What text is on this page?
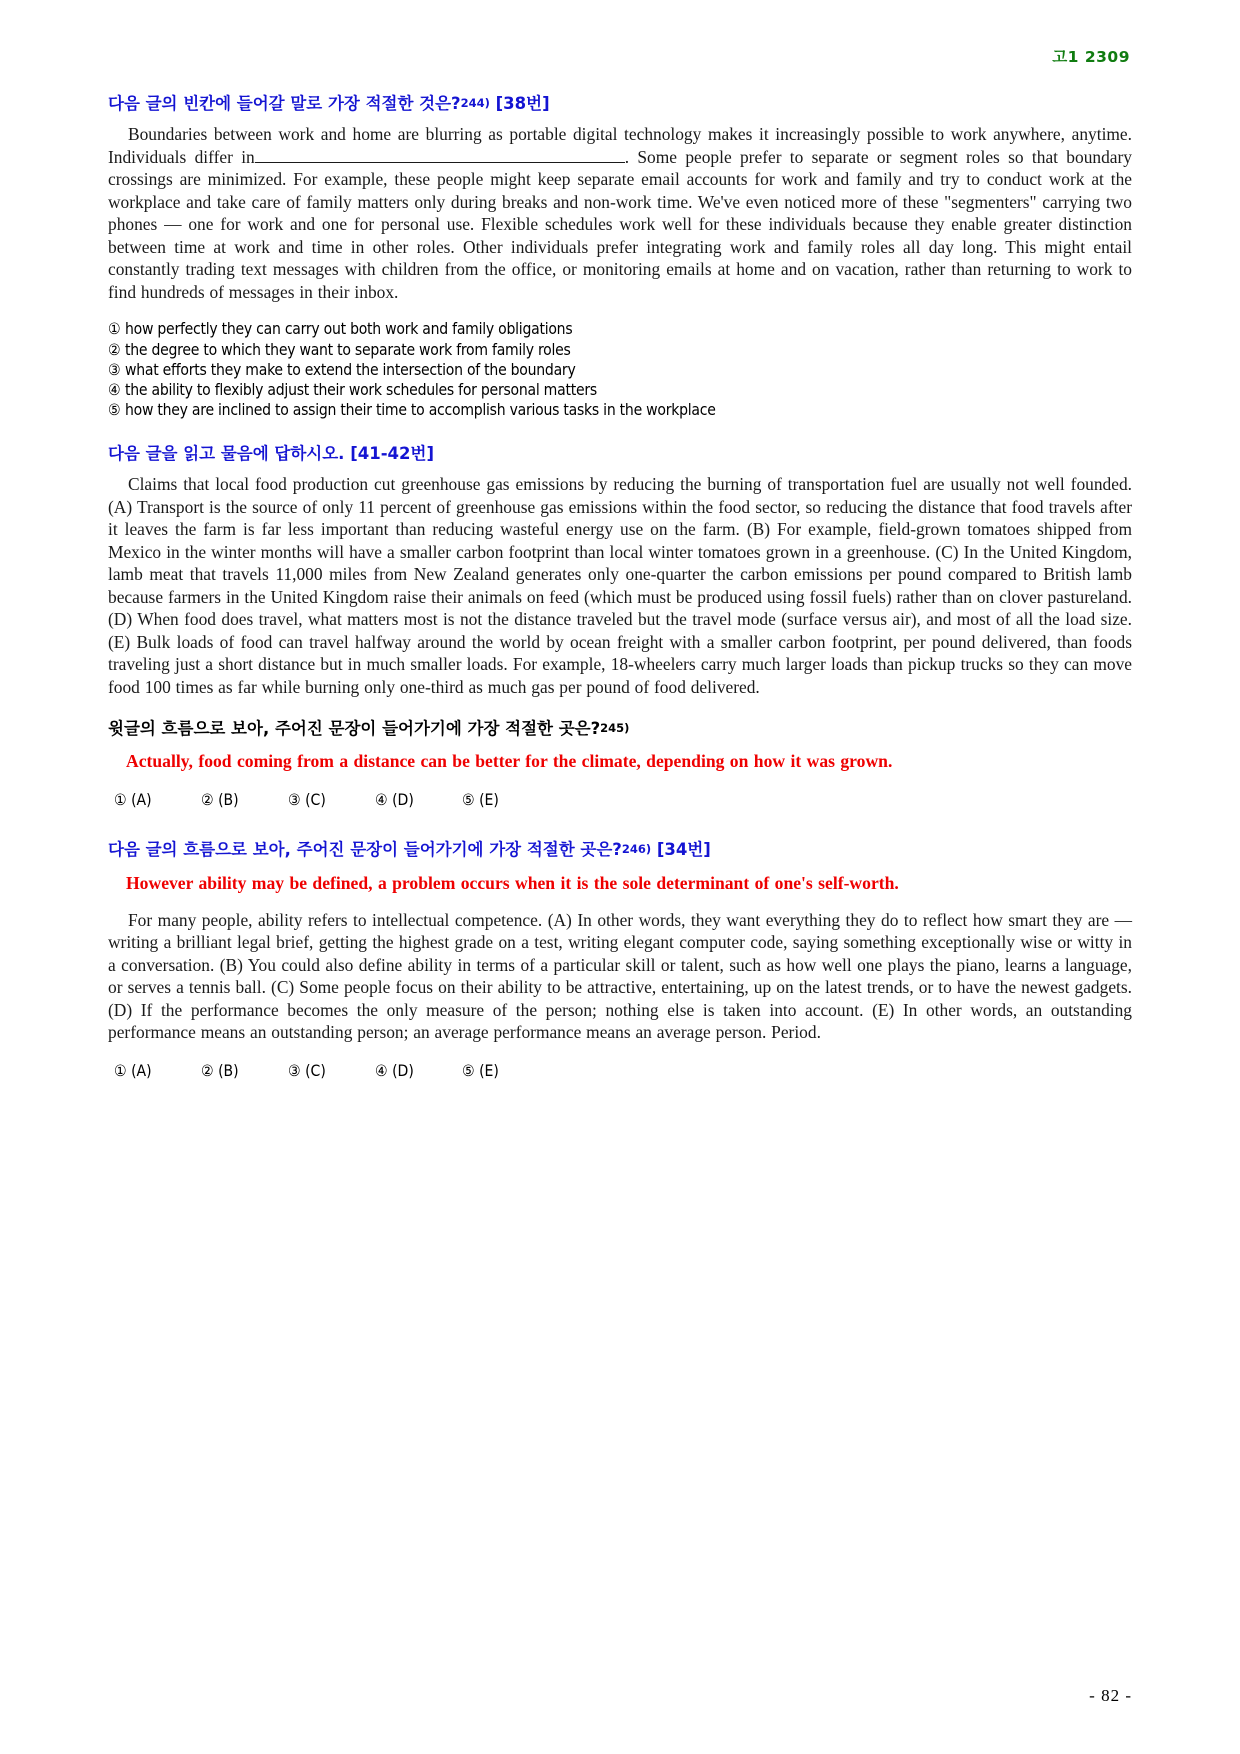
고1 2309
다음 글의 빈칸에 들어갈 말로 가장 적절한 것은?244) [38번]

Boundaries between work and home are blurring as portable digital technology makes it increasingly possible to work anywhere, anytime. Individuals differ in	. Some people prefer to separate or segment roles so that boundary crossings are minimized. For example, these people might keep separate email accounts for work and family and try to conduct work at the workplace and take care of family matters only during breaks and non-work time. We've even noticed more of these "segmenters" carrying two phones — one for work and one for personal use. Flexible schedules work well for these individuals because they enable greater distinction between time at work and time in other roles. Other individuals prefer integrating work and family roles all day long. This might entail constantly trading text messages with children from the office, or monitoring emails at home and on vacation, rather than returning to work to find hundreds of messages in their inbox.

① how perfectly they can carry out both work and family obligations
② the degree to which they want to separate work from family roles
③ what efforts they make to extend the intersection of the boundary
④ the ability to flexibly adjust their work schedules for personal matters
⑤ how they are inclined to assign their time to accomplish various tasks in the workplace
다음 글을 읽고 물음에 답하시오. [41-42번]

Claims that local food production cut greenhouse gas emissions by reducing the burning of transportation fuel are usually not well founded. (A) Transport is the source of only 11 percent of greenhouse gas emissions within the food sector, so reducing the distance that food travels after it leaves the farm is far less important than reducing wasteful energy use on the farm. (B) For example, field-grown tomatoes shipped from Mexico in the winter months will have a smaller carbon footprint than local winter tomatoes grown in a greenhouse. (C) In the United Kingdom, lamb meat that travels 11,000 miles from New Zealand generates only one-quarter the carbon emissions per pound compared to British lamb because farmers in the United Kingdom raise their animals on feed (which must be produced using fossil fuels) rather than on clover pastureland. (D) When food does travel, what matters most is not the distance traveled but the travel mode (surface versus air), and most of all the load size. (E) Bulk loads of food can travel halfway around the world by ocean freight with a smaller carbon footprint, per pound delivered, than foods traveling just a short distance but in much smaller loads. For example, 18-wheelers carry much larger loads than pickup trucks so they can move food 100 times as far while burning only one-third as much gas per pound of food delivered.

윗글의 흐름으로 보아, 주어진 문장이 들어가기에 가장 적절한 곳은?245)

Actually, food coming from a distance can be better for the climate, depending on how it was grown.

① (A)	② (B)	③ (C)	④ (D)	⑤ (E)
다음 글의 흐름으로 보아, 주어진 문장이 들어가기에 가장 적절한 곳은?246) [34번]

However ability may be defined, a problem occurs when it is the sole determinant of one's self-worth.

For many people, ability refers to intellectual competence. (A) In other words, they want everything they do to reflect how smart they are — writing a brilliant legal brief, getting the highest grade on a test, writing elegant computer code, saying something exceptionally wise or witty in a conversation. (B) You could also define ability in terms of a particular skill or talent, such as how well one plays the piano, learns a language, or serves a tennis ball. (C) Some people focus on their ability to be attractive, entertaining, up on the latest trends, or to have the newest gadgets. (D) If the performance becomes the only measure of the person; nothing else is taken into account. (E) In other words, an outstanding performance means an outstanding person; an average performance means an average person. Period.

① (A)	② (B)	③ (C)	④ (D)	⑤ (E)
- 82 -
